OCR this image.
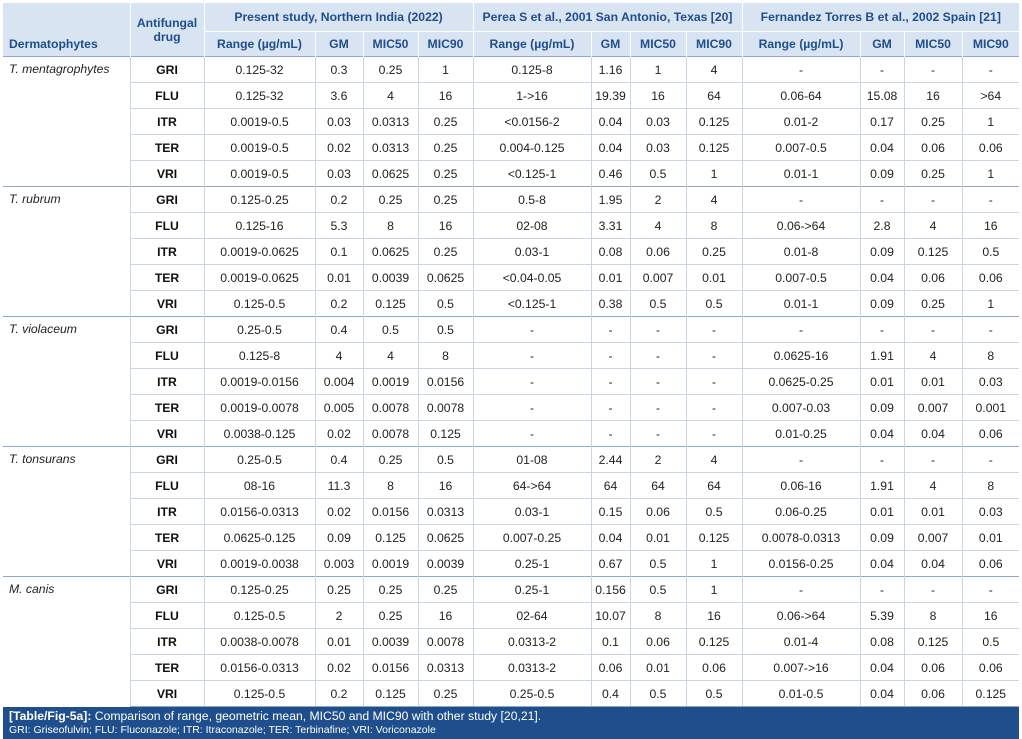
Dermatophytes	Antifungal drug	Present study, Northern India (2022)				Perea S et al., 2001 San Antonio, Texas [20]				Fernandez Torres B et al., 2002 Spain [21]			
		Range (µg/mL)	GM	MIC50	MIC90	Range (µg/mL)	GM	MIC50	MIC90	Range (µg/mL)	GM	MIC50	MIC90
T. mentagrophytes	GRI	0.125-32	0.3	0.25	1	0.125-8	1.16	1	4	-	-	-	-
	FLU	0.125-32	3.6	4	16	1->16	19.39	16	64	0.06-64	15.08	16	>64
	ITR	0.0019-0.5	0.03	0.0313	0.25	<0.0156-2	0.04	0.03	0.125	0.01-2	0.17	0.25	1
	TER	0.0019-0.5	0.02	0.0313	0.25	0.004-0.125	0.04	0.03	0.125	0.007-0.5	0.04	0.06	0.06
	VRI	0.0019-0.5	0.03	0.0625	0.25	<0.125-1	0.46	0.5	1	0.01-1	0.09	0.25	1
T. rubrum	GRI	0.125-0.25	0.2	0.25	0.25	0.5-8	1.95	2	4	-	-	-	-
	FLU	0.125-16	5.3	8	16	02-08	3.31	4	8	0.06->64	2.8	4	16
	ITR	0.0019-0.0625	0.1	0.0625	0.25	0.03-1	0.08	0.06	0.25	0.01-8	0.09	0.125	0.5
	TER	0.0019-0.0625	0.01	0.0039	0.0625	<0.04-0.05	0.01	0.007	0.01	0.007-0.5	0.04	0.06	0.06
	VRI	0.125-0.5	0.2	0.125	0.5	<0.125-1	0.38	0.5	0.5	0.01-1	0.09	0.25	1
T. violaceum	GRI	0.25-0.5	0.4	0.5	0.5	-	-	-	-	-	-	-	-
	FLU	0.125-8	4	4	8	-	-	-	-	0.0625-16	1.91	4	8
	ITR	0.0019-0.0156	0.004	0.0019	0.0156	-	-	-	-	0.0625-0.25	0.01	0.01	0.03
	TER	0.0019-0.0078	0.005	0.0078	0.0078	-	-	-	-	0.007-0.03	0.09	0.007	0.001
	VRI	0.0038-0.125	0.02	0.0078	0.125	-	-	-	-	0.01-0.25	0.04	0.04	0.06
T. tonsurans	GRI	0.25-0.5	0.4	0.25	0.5	01-08	2.44	2	4	-	-	-	-
	FLU	08-16	11.3	8	16	64->64	64	64	64	0.06-16	1.91	4	8
	ITR	0.0156-0.0313	0.02	0.0156	0.0313	0.03-1	0.15	0.06	0.5	0.06-0.25	0.01	0.01	0.03
	TER	0.0625-0.125	0.09	0.125	0.0625	0.007-0.25	0.04	0.01	0.125	0.0078-0.0313	0.09	0.007	0.01
	VRI	0.0019-0.0038	0.003	0.0019	0.0039	0.25-1	0.67	0.5	1	0.0156-0.25	0.04	0.04	0.06
M. canis	GRI	0.125-0.25	0.25	0.25	0.25	0.25-1	0.156	0.5	1	-	-	-	-
	FLU	0.125-0.5	2	0.25	16	02-64	10.07	8	16	0.06->64	5.39	8	16
	ITR	0.0038-0.0078	0.01	0.0039	0.0078	0.0313-2	0.1	0.06	0.125	0.01-4	0.08	0.125	0.5
	TER	0.0156-0.0313	0.02	0.0156	0.0313	0.0313-2	0.06	0.01	0.06	0.007->16	0.04	0.06	0.06
	VRI	0.125-0.5	0.2	0.125	0.25	0.25-0.5	0.4	0.5	0.5	0.01-0.5	0.04	0.06	0.125
[Table/Fig-5a]: Comparison of range, geometric mean, MIC50 and MIC90 with other study [20,21].
GRI: Griseofulvin; FLU: Fluconazole; ITR: Itraconazole; TER: Terbinafine; VRI: Voriconazole
